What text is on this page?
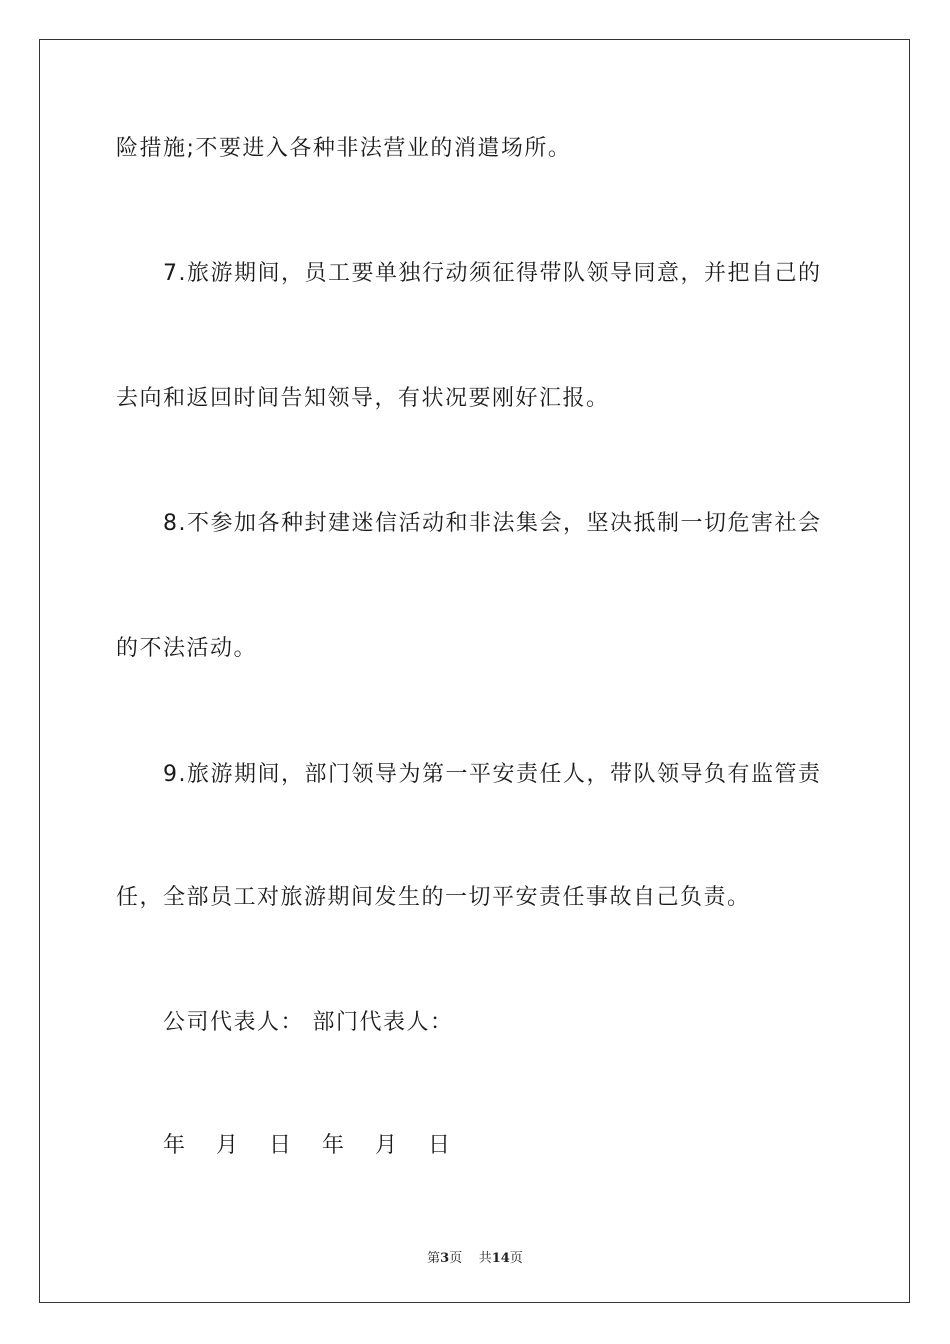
险措施;不要进入各种非法营业的消遣场所。
7.旅游期间，员工要单独行动须征得带队领导同意，并把自己的
去向和返回时间告知领导，有状况要刚好汇报。
8.不参加各种封建迷信活动和非法集会，坚决抵制一切危害社会
的不法活动。
9.旅游期间，部门领导为第一平安责任人，带队领导负有监管责
任，全部员工对旅游期间发生的一切平安责任事故自己负责。
公司代表人： 部门代表人：
年 月 日 年 月 日
第3页 共14页
